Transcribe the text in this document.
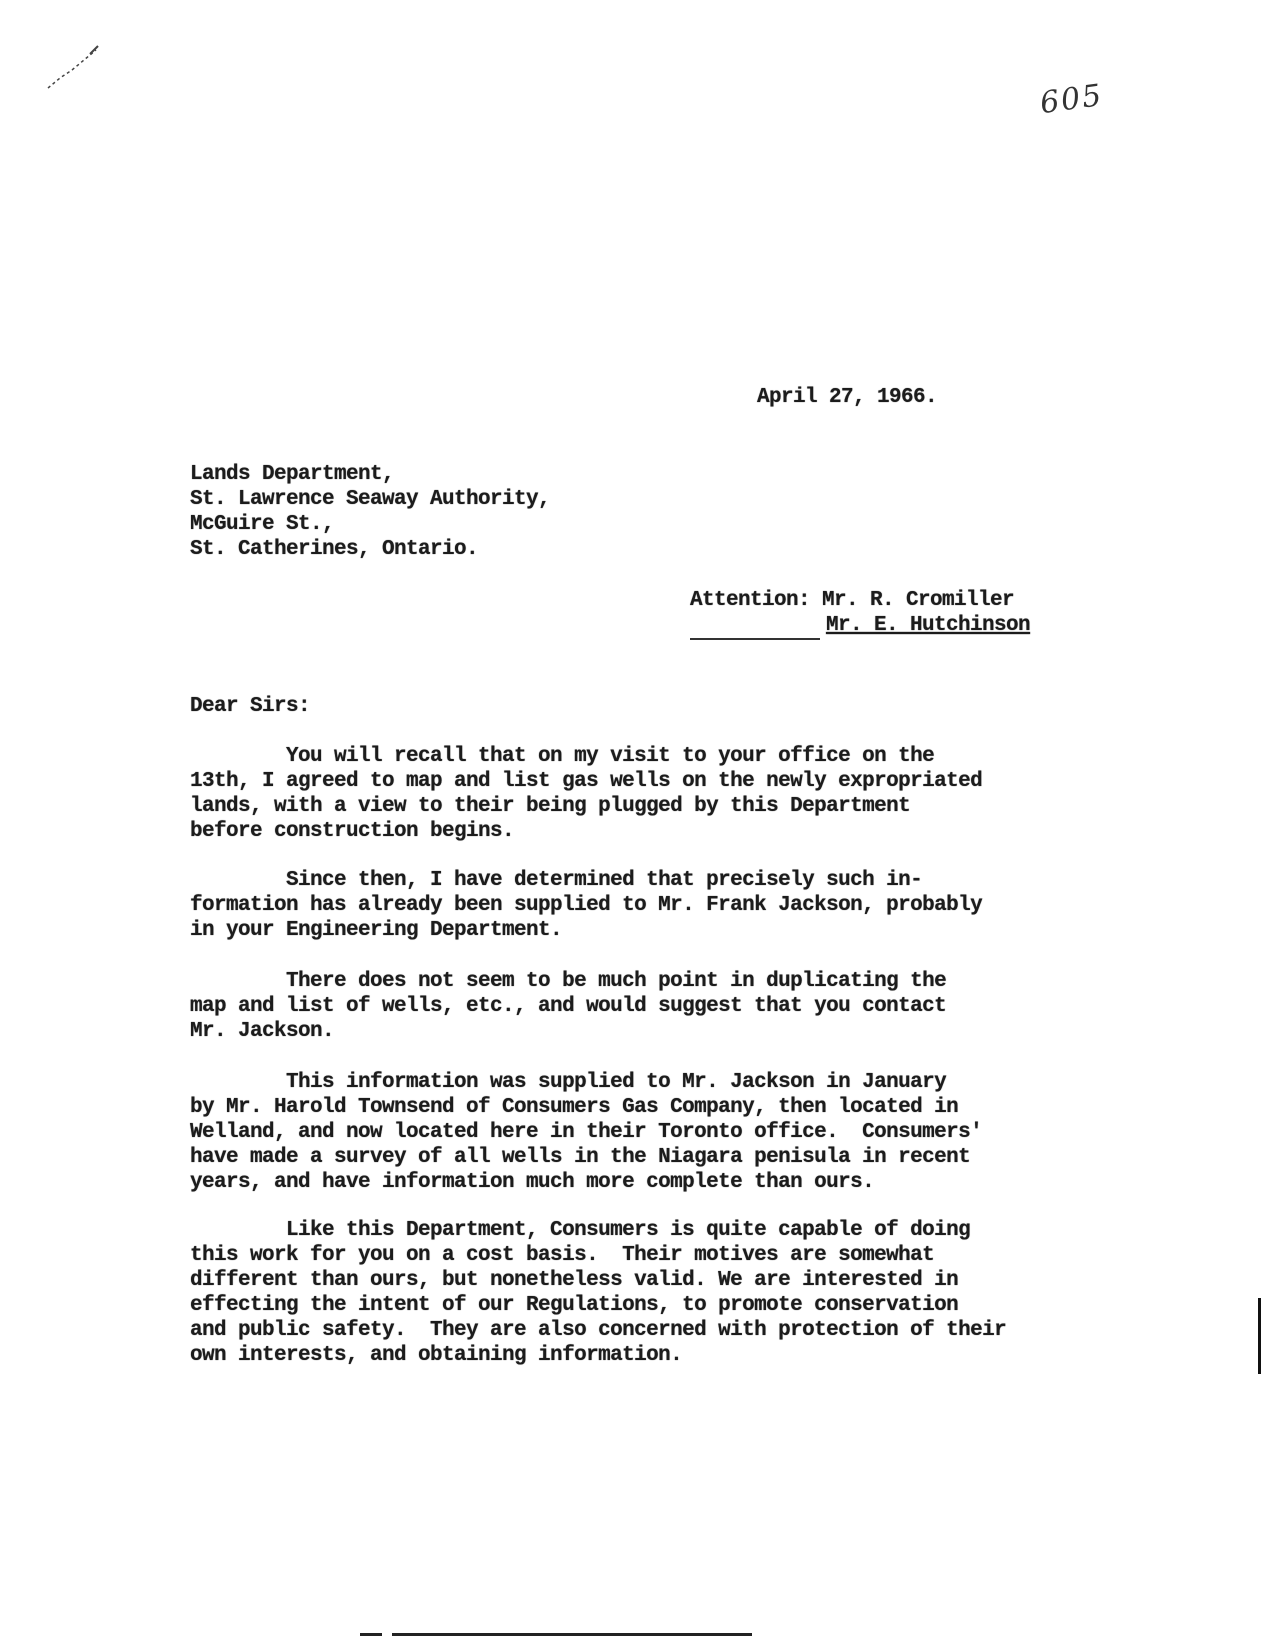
605
April 27, 1966.
Lands Department,
St. Lawrence Seaway Authority,
McGuire St.,
St. Catherines, Ontario.
Attention: Mr. R. Cromiller
Mr. E. Hutchinson
Dear Sirs:
You will recall that on my visit to your office on the
13th, I agreed to map and list gas wells on the newly expropriated
lands, with a view to their being plugged by this Department
before construction begins.
Since then, I have determined that precisely such in-
formation has already been supplied to Mr. Frank Jackson, probably
in your Engineering Department.
There does not seem to be much point in duplicating the
map and list of wells, etc., and would suggest that you contact
Mr. Jackson.
This information was supplied to Mr. Jackson in January
by Mr. Harold Townsend of Consumers Gas Company, then located in
Welland, and now located here in their Toronto office.  Consumers'
have made a survey of all wells in the Niagara penisula in recent
years, and have information much more complete than ours.
Like this Department, Consumers is quite capable of doing
this work for you on a cost basis.  Their motives are somewhat
different than ours, but nonetheless valid. We are interested in
effecting the intent of our Regulations, to promote conservation
and public safety.  They are also concerned with protection of their
own interests, and obtaining information.
